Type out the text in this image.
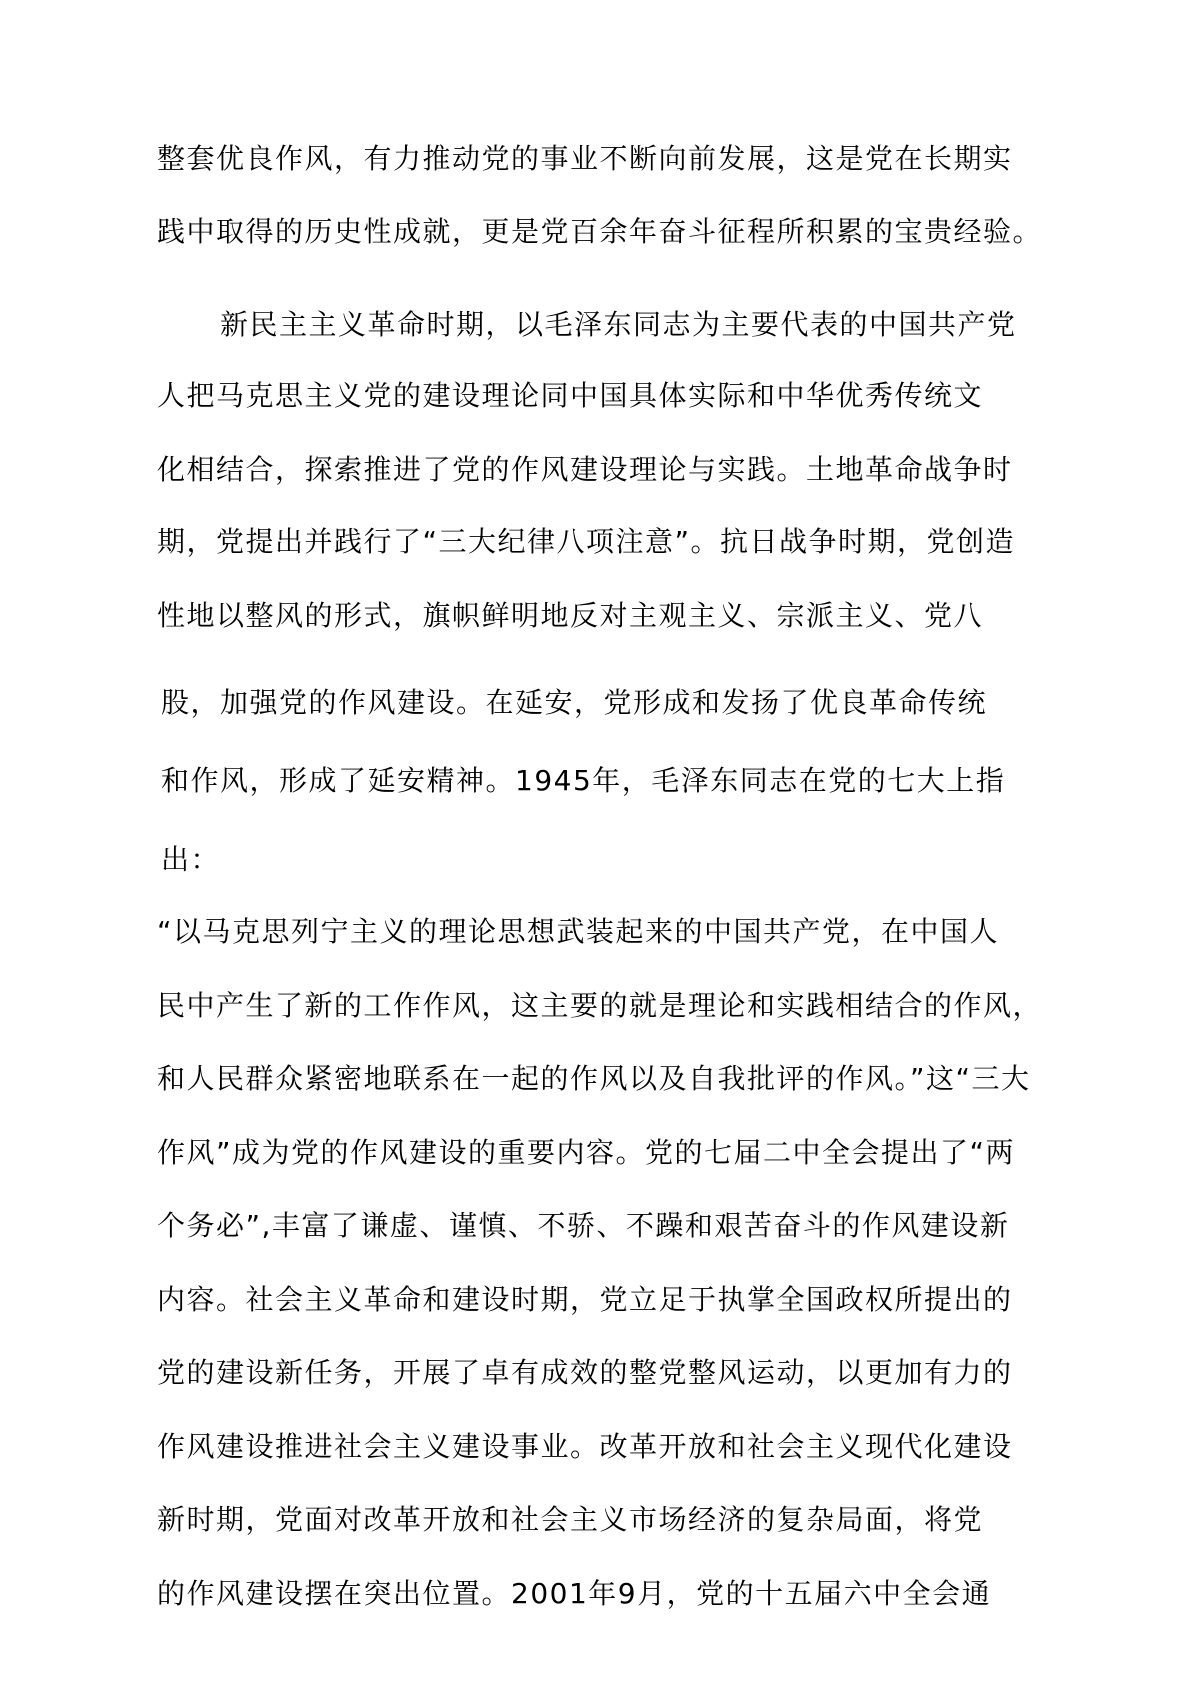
整套优良作风，有力推动党的事业不断向前发展，这是党在长期实
践中取得的历史性成就，更是党百余年奋斗征程所积累的宝贵经验。
新民主主义革命时期，以毛泽东同志为主要代表的中国共产党
人把马克思主义党的建设理论同中国具体实际和中华优秀传统文
化相结合，探索推进了党的作风建设理论与实践。土地革命战争时
期，党提出并践行了“三大纪律八项注意”。抗日战争时期，党创造
性地以整风的形式，旗帜鲜明地反对主观主义、宗派主义、党八
股，加强党的作风建设。在延安，党形成和发扬了优良革命传统
和作风，形成了延安精神。1945年，毛泽东同志在党的七大上指
出：
“以马克思列宁主义的理论思想武装起来的中国共产党，在中国人
民中产生了新的工作作风，这主要的就是理论和实践相结合的作风，
和人民群众紧密地联系在一起的作风以及自我批评的作风。”这“三大
作风”成为党的作风建设的重要内容。党的七届二中全会提出了“两
个务必”,丰富了谦虚、谨慎、不骄、不躁和艰苦奋斗的作风建设新
内容。社会主义革命和建设时期，党立足于执掌全国政权所提出的
党的建设新任务，开展了卓有成效的整党整风运动，以更加有力的
作风建设推进社会主义建设事业。改革开放和社会主义现代化建设
新时期，党面对改革开放和社会主义市场经济的复杂局面，将党
的作风建设摆在突出位置。2001年9月，党的十五届六中全会通
